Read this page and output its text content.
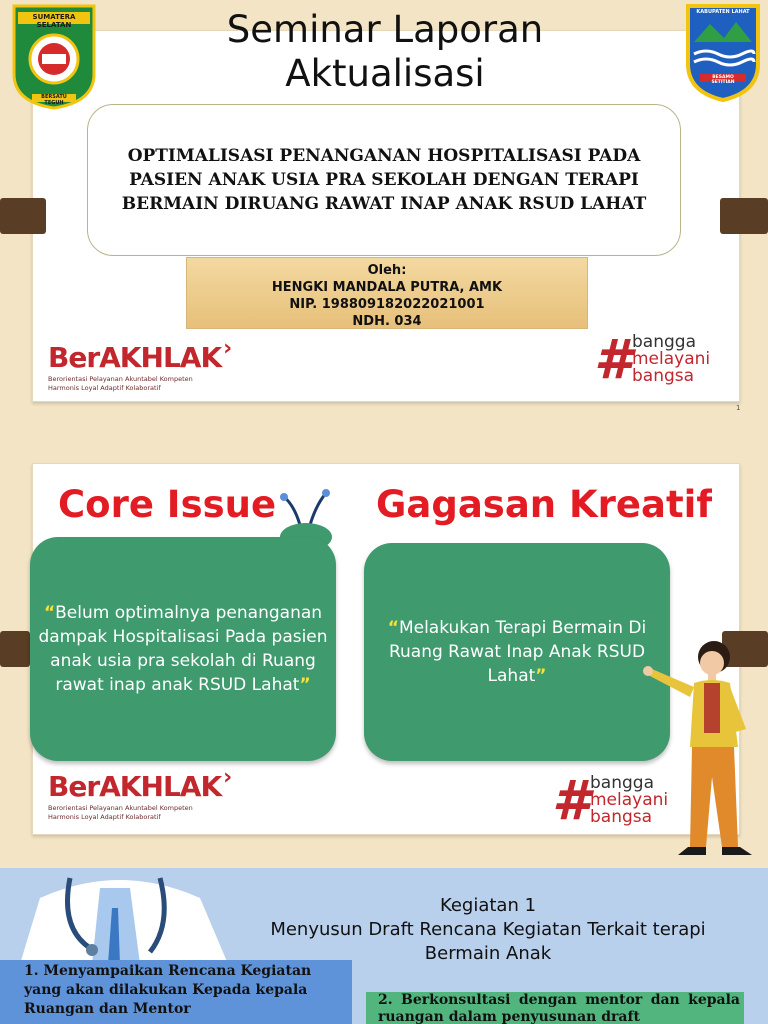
SUMATERA SELATAN
BERSATU TEGUH
KABUPATEN LAHAT
BESAMO SETITIAN
Seminar Laporan Aktualisasi
OPTIMALISASI PENANGANAN HOSPITALISASI PADA PASIEN ANAK USIA PRA SEKOLAH DENGAN TERAPI BERMAIN DIRUANG RAWAT INAP ANAK RSUD LAHAT
Oleh:
HENGKI MANDALA PUTRA, AMK
NIP. 198809182022021001
NDH. 034
BerAKHLAK›
Berorientasi Pelayanan Akuntabel Kompeten
Harmonis Loyal Adaptif Kolaboratif	# bangga
melayani
bangsa
1
Core Issue	Gagasan Kreatif
“Belum optimalnya penanganan dampak Hospitalisasi Pada pasien anak usia pra sekolah di Ruang rawat inap anak RSUD Lahat”
“Melakukan Terapi Bermain Di Ruang Rawat Inap Anak RSUD Lahat”
BerAKHLAK›
Berorientasi Pelayanan Akuntabel Kompeten
Harmonis Loyal Adaptif Kolaboratif	# bangga
melayani
bangsa
Kegiatan 1
Menyusun Draft Rencana Kegiatan Terkait terapi Bermain Anak
1. Menyampaikan Rencana Kegiatan yang akan dilakukan Kepada kepala Ruangan dan Mentor
2. Berkonsultasi dengan mentor dan kepala ruangan dalam penyusunan draft
